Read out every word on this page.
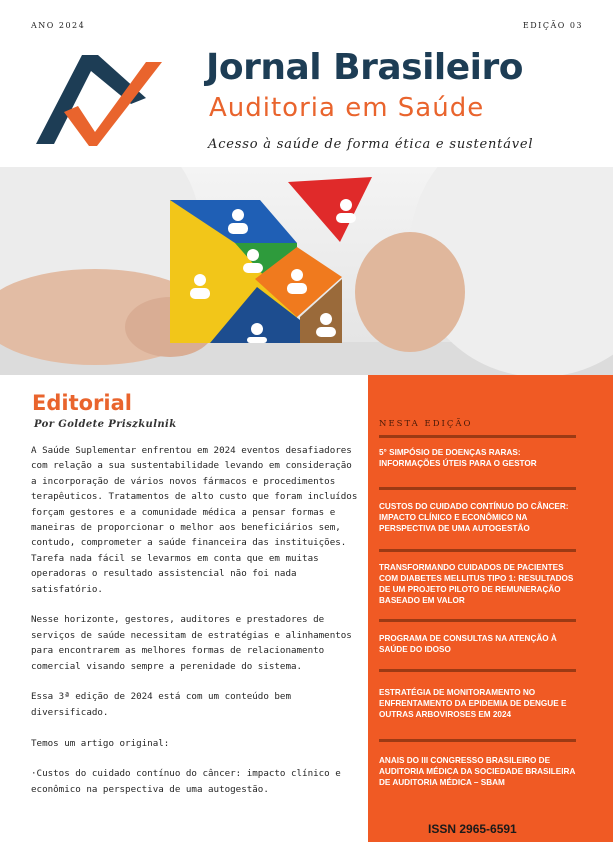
ANO 2024	EDIÇÃO 03
Jornal Brasileiro
Auditoria em Saúde
Acesso à saúde de forma ética e sustentável
Editorial
Por Goldete Priszkulnik

A Saúde Suplementar enfrentou em 2024 eventos desafiadores com relação a sua sustentabilidade levando em consideração a incorporação de vários novos fármacos e procedimentos terapêuticos. Tratamentos de alto custo que foram incluídos forçam gestores e a comunidade médica a pensar formas e maneiras de proporcionar o melhor aos beneficiários sem, contudo, comprometer a saúde financeira das instituições. Tarefa nada fácil se levarmos em conta que em muitas operadoras o resultado assistencial não foi nada satisfatório.

Nesse horizonte, gestores, auditores e prestadores de serviços de saúde necessitam de estratégias e alinhamentos para encontrarem as melhores formas de relacionamento comercial visando sempre a perenidade do sistema.

Essa 3ª edição de 2024 está com um conteúdo bem diversificado.

Temos um artigo original:

·Custos do cuidado contínuo do câncer: impacto clínico e econômico na perspectiva de uma autogestão.

NESTA EDIÇÃO
5° SIMPÓSIO DE DOENÇAS RARAS: INFORMAÇÕES ÚTEIS PARA O GESTOR
CUSTOS DO CUIDADO CONTÍNUO DO CÂNCER: IMPACTO CLÍNICO E ECONÔMICO NA PERSPECTIVA DE UMA AUTOGESTÃO
TRANSFORMANDO CUIDADOS DE PACIENTES COM DIABETES MELLITUS TIPO 1: RESULTADOS DE UM PROJETO PILOTO DE REMUNERAÇÃO BASEADO EM VALOR
PROGRAMA DE CONSULTAS NA ATENÇÃO À SAÚDE DO IDOSO
ESTRATÉGIA DE MONITORAMENTO NO ENFRENTAMENTO DA EPIDEMIA DE DENGUE E OUTRAS ARBOVIROSES EM 2024
ANAIS DO III CONGRESSO BRASILEIRO DE AUDITORIA MÉDICA DA SOCIEDADE BRASILEIRA DE AUDITORIA MÉDICA – SBAM
ISSN 2965-6591
